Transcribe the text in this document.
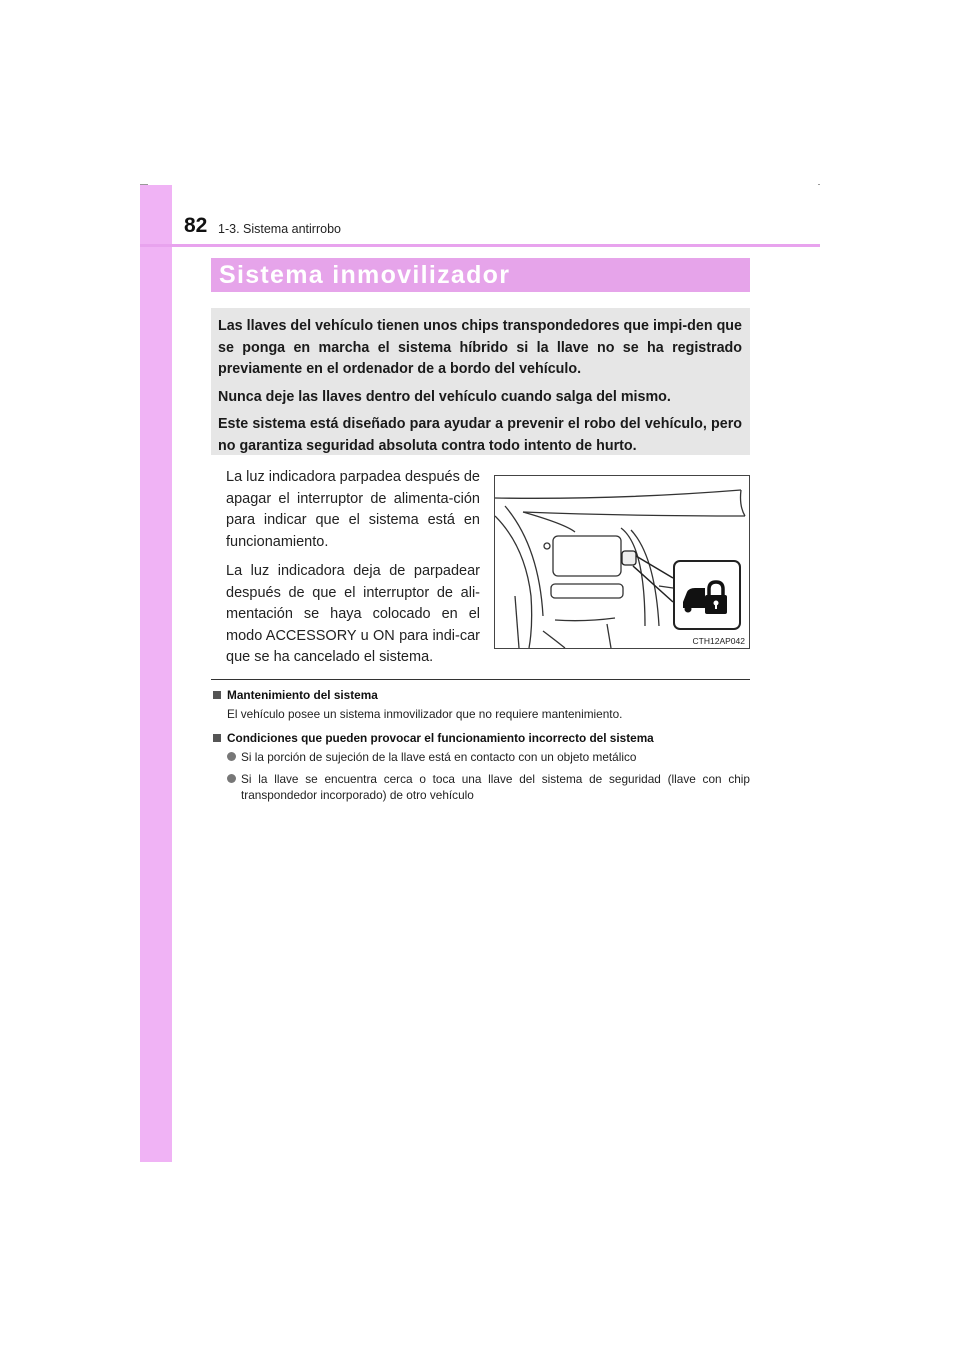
82 1-3. Sistema antirrobo
Sistema inmovilizador

Las llaves del vehículo tienen unos chips transpondedores que impi-den que se ponga en marcha el sistema híbrido si la llave no se ha registrado previamente en el ordenador de a bordo del vehículo.

Nunca deje las llaves dentro del vehículo cuando salga del mismo.

Este sistema está diseñado para ayudar a prevenir el robo del vehículo, pero no garantiza seguridad absoluta contra todo intento de hurto.

La luz indicadora parpadea después de apagar el interruptor de alimenta-ción para indicar que el sistema está en funcionamiento.

La luz indicadora deja de parpadear después de que el interruptor de ali-mentación se haya colocado en el modo ACCESSORY u ON para indi-car que se ha cancelado el sistema.

CTH12AP042
Mantenimiento del sistema
El vehículo posee un sistema inmovilizador que no requiere mantenimiento.
Condiciones que pueden provocar el funcionamiento incorrecto del sistema
Si la porción de sujeción de la llave está en contacto con un objeto metálico
Si la llave se encuentra cerca o toca una llave del sistema de seguridad (llave con chip transpondedor incorporado) de otro vehículo
